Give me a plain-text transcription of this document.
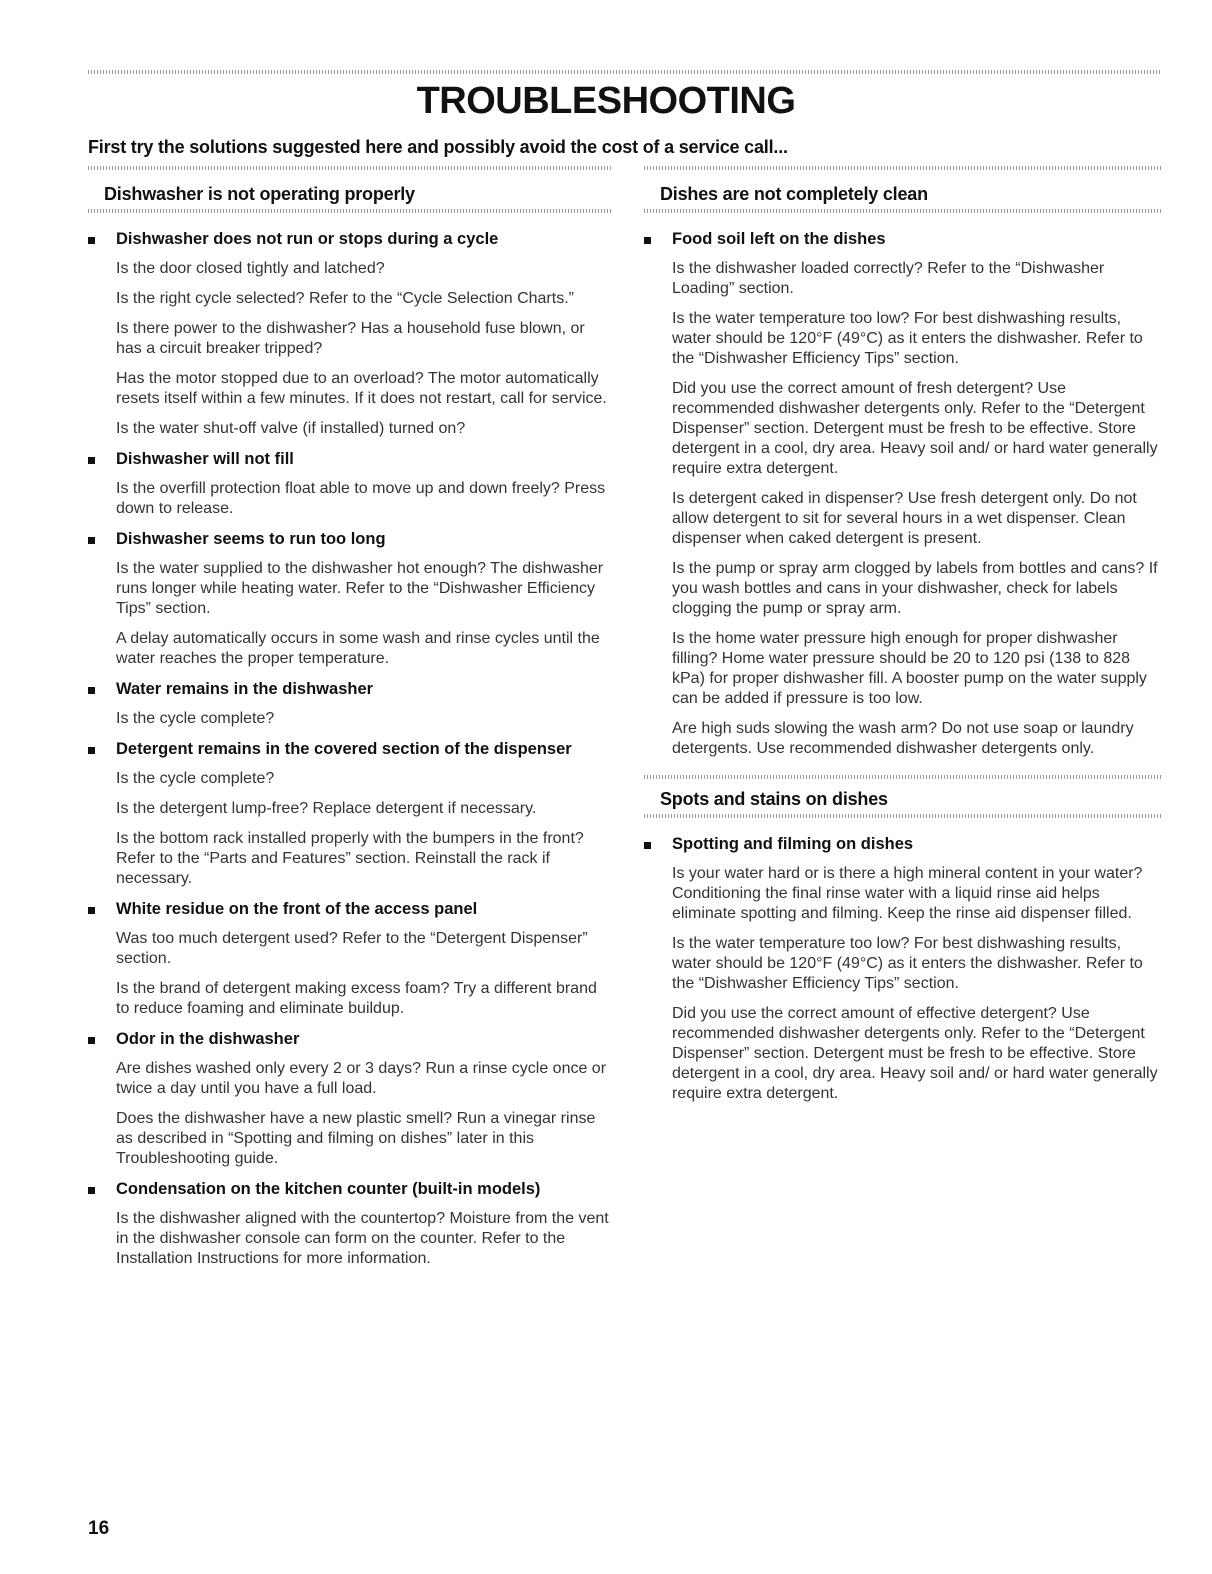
TROUBLESHOOTING

First try the solutions suggested here and possibly avoid the cost of a service call...

Dishwasher is not operating properly
Dishwasher does not run or stops during a cycle

Is the door closed tightly and latched?

Is the right cycle selected? Refer to the “Cycle Selection Charts.”

Is there power to the dishwasher? Has a household fuse blown, or has a circuit breaker tripped?

Has the motor stopped due to an overload? The motor automatically resets itself within a few minutes. If it does not restart, call for service.

Is the water shut-off valve (if installed) turned on?

Dishwasher will not fill

Is the overfill protection float able to move up and down freely? Press down to release.

Dishwasher seems to run too long

Is the water supplied to the dishwasher hot enough? The dishwasher runs longer while heating water. Refer to the “Dishwasher Efficiency Tips” section.

A delay automatically occurs in some wash and rinse cycles until the water reaches the proper temperature.

Water remains in the dishwasher

Is the cycle complete?

Detergent remains in the covered section of the dispenser

Is the cycle complete?

Is the detergent lump-free? Replace detergent if necessary.

Is the bottom rack installed properly with the bumpers in the front? Refer to the “Parts and Features” section. Reinstall the rack if necessary.

White residue on the front of the access panel

Was too much detergent used? Refer to the “Detergent Dispenser” section.

Is the brand of detergent making excess foam? Try a different brand to reduce foaming and eliminate buildup.

Odor in the dishwasher

Are dishes washed only every 2 or 3 days? Run a rinse cycle once or twice a day until you have a full load.

Does the dishwasher have a new plastic smell? Run a vinegar rinse as described in “Spotting and filming on dishes” later in this Troubleshooting guide.

Condensation on the kitchen counter (built-in models)

Is the dishwasher aligned with the countertop? Moisture from the vent in the dishwasher console can form on the counter. Refer to the Installation Instructions for more information.

Dishes are not completely clean
Food soil left on the dishes

Is the dishwasher loaded correctly? Refer to the “Dishwasher Loading” section.

Is the water temperature too low? For best dishwashing results, water should be 120°F (49°C) as it enters the dishwasher. Refer to the “Dishwasher Efficiency Tips” section.

Did you use the correct amount of fresh detergent? Use recommended dishwasher detergents only. Refer to the “Detergent Dispenser” section. Detergent must be fresh to be effective. Store detergent in a cool, dry area. Heavy soil and/ or hard water generally require extra detergent.

Is detergent caked in dispenser? Use fresh detergent only. Do not allow detergent to sit for several hours in a wet dispenser. Clean dispenser when caked detergent is present.

Is the pump or spray arm clogged by labels from bottles and cans? If you wash bottles and cans in your dishwasher, check for labels clogging the pump or spray arm.

Is the home water pressure high enough for proper dishwasher filling? Home water pressure should be 20 to 120 psi (138 to 828 kPa) for proper dishwasher fill. A booster pump on the water supply can be added if pressure is too low.

Are high suds slowing the wash arm? Do not use soap or laundry detergents. Use recommended dishwasher detergents only.

Spots and stains on dishes
Spotting and filming on dishes

Is your water hard or is there a high mineral content in your water? Conditioning the final rinse water with a liquid rinse aid helps eliminate spotting and filming. Keep the rinse aid dispenser filled.

Is the water temperature too low? For best dishwashing results, water should be 120°F (49°C) as it enters the dishwasher. Refer to the “Dishwasher Efficiency Tips” section.

Did you use the correct amount of effective detergent? Use recommended dishwasher detergents only. Refer to the “Detergent Dispenser” section. Detergent must be fresh to be effective. Store detergent in a cool, dry area. Heavy soil and/ or hard water generally require extra detergent.

16
